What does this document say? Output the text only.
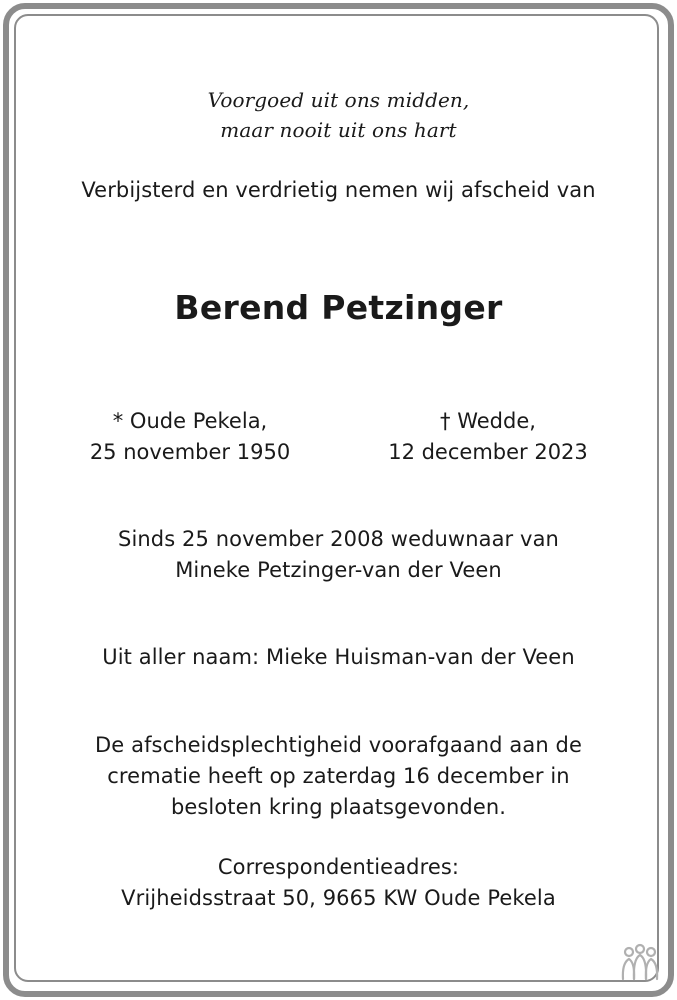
Voorgoed uit ons midden,
maar nooit uit ons hart
Verbijsterd en verdrietig nemen wij afscheid van
Berend Petzinger
* Oude Pekela,
25 november 1950
† Wedde,
12 december 2023
Sinds 25 november 2008 weduwnaar van
Mineke Petzinger-van der Veen
Uit aller naam: Mieke Huisman-van der Veen
De afscheidsplechtigheid voorafgaand aan de
crematie heeft op zaterdag 16 december in
besloten kring plaatsgevonden.
Correspondentieadres:
Vrijheidsstraat 50, 9665 KW Oude Pekela
